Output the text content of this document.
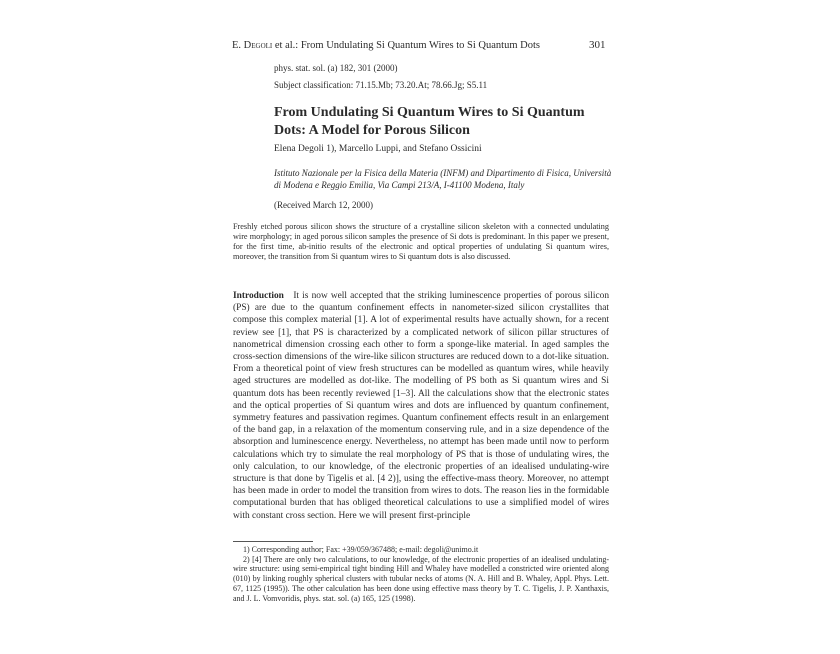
E. Degoli et al.: From Undulating Si Quantum Wires to Si Quantum Dots	301
phys. stat. sol. (a) 182, 301 (2000)
Subject classification: 71.15.Mb; 73.20.At; 78.66.Jg; S5.11
From Undulating Si Quantum Wires to Si Quantum Dots: A Model for Porous Silicon
Elena Degoli 1), Marcello Luppi, and Stefano Ossicini
Istituto Nazionale per la Fisica della Materia (INFM) and Dipartimento di Fisica, Università di Modena e Reggio Emilia, Via Campi 213/A, I-41100 Modena, Italy
(Received March 12, 2000)
Freshly etched porous silicon shows the structure of a crystalline silicon skeleton with a connected undulating wire morphology; in aged porous silicon samples the presence of Si dots is predominant. In this paper we present, for the first time, ab-initio results of the electronic and optical properties of undulating Si quantum wires, moreover, the transition from Si quantum wires to Si quantum dots is also discussed.
Introduction It is now well accepted that the striking luminescence properties of porous silicon (PS) are due to the quantum confinement effects in nanometer-sized silicon crystallites that compose this complex material [1]. A lot of experimental results have actually shown, for a recent review see [1], that PS is characterized by a complicated network of silicon pillar structures of nanometrical dimension crossing each other to form a sponge-like material. In aged samples the cross-section dimensions of the wire-like silicon structures are reduced down to a dot-like situation. From a theoretical point of view fresh structures can be modelled as quantum wires, while heavily aged structures are modelled as dot-like. The modelling of PS both as Si quantum wires and Si quantum dots has been recently reviewed [1–3]. All the calculations show that the electronic states and the optical properties of Si quantum wires and dots are influenced by quantum confinement, symmetry features and passivation regimes. Quantum confinement effects result in an enlargement of the band gap, in a relaxation of the momentum conserving rule, and in a size dependence of the absorption and luminescence energy. Nevertheless, no attempt has been made until now to perform calculations which try to simulate the real morphology of PS that is those of undulating wires, the only calculation, to our knowledge, of the electronic properties of an idealised undulating-wire structure is that done by Tigelis et al. [4 2)], using the effective-mass theory. Moreover, no attempt has been made in order to model the transition from wires to dots. The reason lies in the formidable computational burden that has obliged theoretical calculations to use a simplified model of wires with constant cross section. Here we will present first-principle

1) Corresponding author; Fax: +39/059/367488; e-mail: degoli@unimo.it

2) [4] There are only two calculations, to our knowledge, of the electronic properties of an idealised undulating-wire structure: using semi-empirical tight binding Hill and Whaley have modelled a constricted wire oriented along (010) by linking roughly spherical clusters with tubular necks of atoms (N. A. Hill and B. Whaley, Appl. Phys. Lett. 67, 1125 (1995)). The other calculation has been done using effective mass theory by T. C. Tigelis, J. P. Xanthaxis, and J. L. Vomvoridis, phys. stat. sol. (a) 165, 125 (1998).
